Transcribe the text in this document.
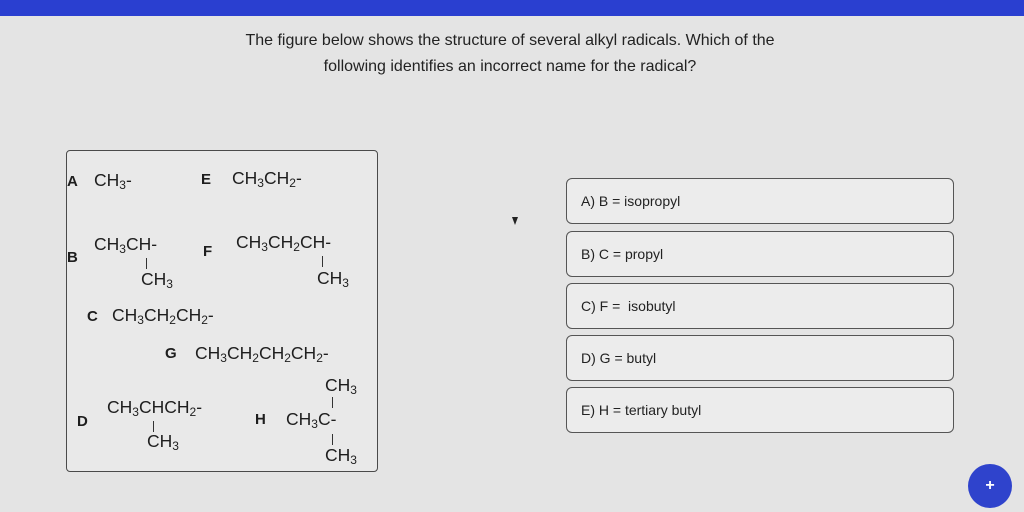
The figure below shows the structure of several alkyl radicals. Which of the
following identifies an incorrect name for the radical?
A $CH_3-$	E $CH_3CH_2-$
B
$CH_3CH-$
$CH_3$
F $CH_3CH_2CH-$
$CH_3$
C $CH_3CH_2CH_2-$
G $CH_3CH_2CH_2CH_2-$
D
$CH_3CHCH_2-$
$CH_3$
H
$CH_3$
$CH_3C-$
$CH_3$
A) B = isopropyl
B) C = propyl
C) F =  isobutyl
D) G = butyl
E) H = tertiary butyl
+
